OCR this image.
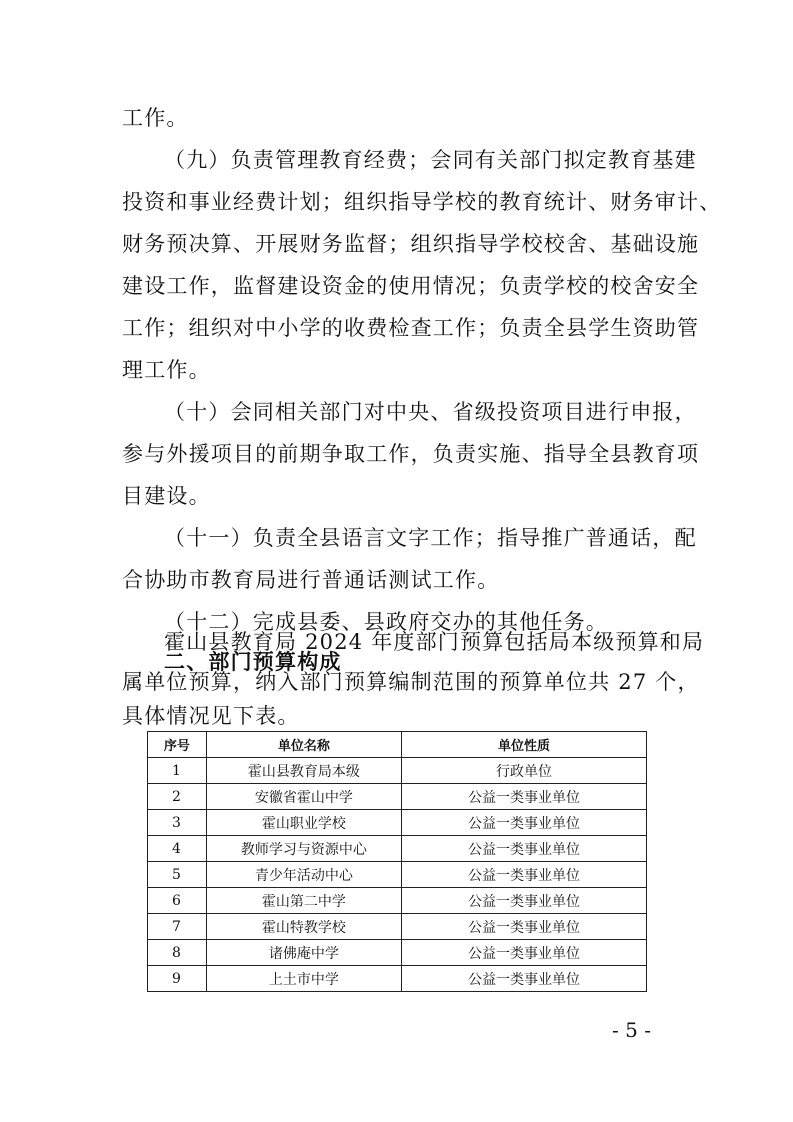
工作。
（九）负责管理教育经费；会同有关部门拟定教育基建
投资和事业经费计划；组织指导学校的教育统计、财务审计、
财务预决算、开展财务监督；组织指导学校校舍、基础设施
建设工作，监督建设资金的使用情况；负责学校的校舍安全
工作；组织对中小学的收费检查工作；负责全县学生资助管
理工作。
（十）会同相关部门对中央、省级投资项目进行申报，
参与外援项目的前期争取工作，负责实施、指导全县教育项
目建设。
（十一）负责全县语言文字工作；指导推广普通话，配
合协助市教育局进行普通话测试工作。
（十二）完成县委、县政府交办的其他任务。
二、部门预算构成
霍山县教育局 2024 年度部门预算包括局本级预算和局
属单位预算，纳入部门预算编制范围的预算单位共 27 个，
具体情况见下表。
序号	单位名称	单位性质
1	霍山县教育局本级	行政单位
2	安徽省霍山中学	公益一类事业单位
3	霍山职业学校	公益一类事业单位
4	教师学习与资源中心	公益一类事业单位
5	青少年活动中心	公益一类事业单位
6	霍山第二中学	公益一类事业单位
7	霍山特教学校	公益一类事业单位
8	诸佛庵中学	公益一类事业单位
9	上土市中学	公益一类事业单位
- 5 -
